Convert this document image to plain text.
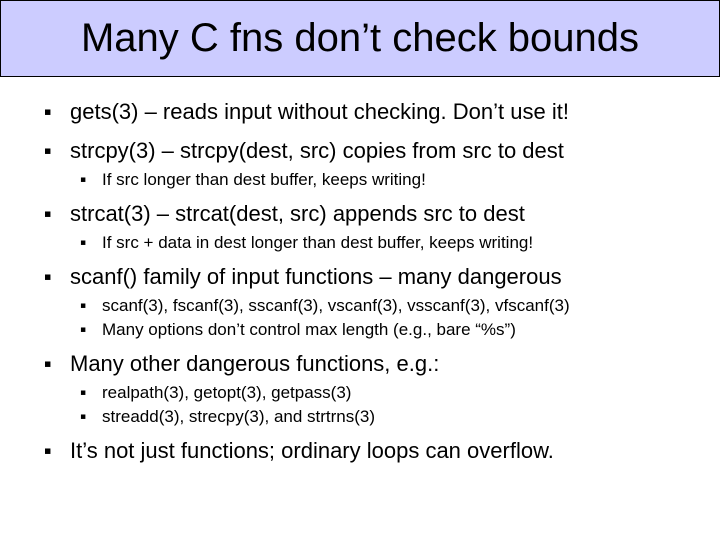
Many C fns don’t check bounds
▪ gets(3) – reads input without checking. Don’t use it!
▪ strcpy(3) – strcpy(dest, src) copies from src to dest
▪ If src longer than dest buffer, keeps writing!
▪ strcat(3) – strcat(dest, src) appends src to dest
▪ If src + data in dest longer than dest buffer, keeps writing!
▪ scanf() family of input functions – many dangerous
▪ scanf(3), fscanf(3), sscanf(3), vscanf(3), vsscanf(3), vfscanf(3)
▪ Many options don’t control max length (e.g., bare “%s”)
▪ Many other dangerous functions, e.g.:
▪ realpath(3), getopt(3), getpass(3)
▪ streadd(3), strecpy(3), and strtrns(3)
▪ It’s not just functions; ordinary loops can overflow.
